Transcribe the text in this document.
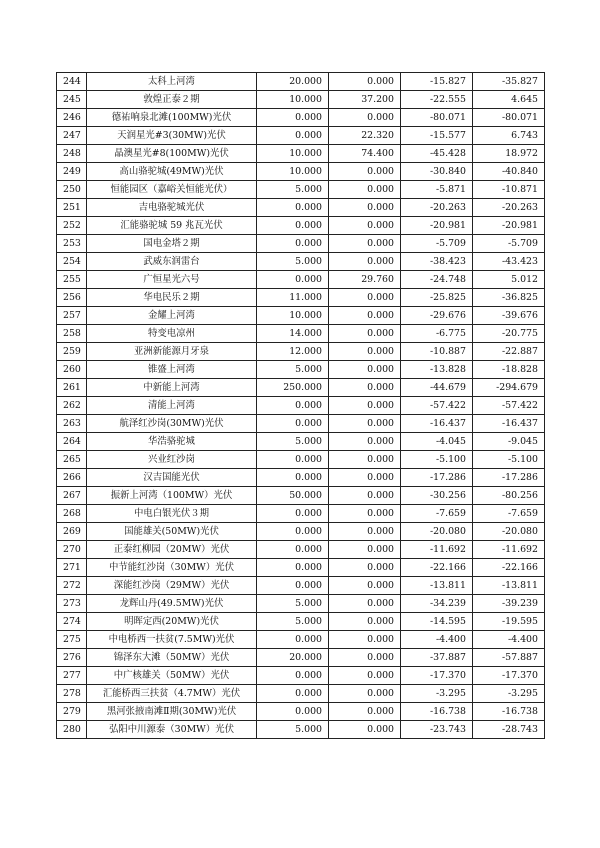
244	太科上河湾	20.000	0.000	-15.827	-35.827
245	敦煌正泰２期	10.000	37.200	-22.555	4.645
246	德祐响泉北滩(100MW)光伏	0.000	0.000	-80.071	-80.071
247	天润星光#3(30MW)光伏	0.000	22.320	-15.577	6.743
248	晶澳星光#8(100MW)光伏	10.000	74.400	-45.428	18.972
249	高山骆驼城(49MW)光伏	10.000	0.000	-30.840	-40.840
250	恒能园区（嘉峪关恒能光伏）	5.000	0.000	-5.871	-10.871
251	吉电骆驼城光伏	0.000	0.000	-20.263	-20.263
252	汇能骆驼城 59 兆瓦光伏	0.000	0.000	-20.981	-20.981
253	国电金塔２期	0.000	0.000	-5.709	-5.709
254	武威东润雷台	5.000	0.000	-38.423	-43.423
255	广恒星光六号	0.000	29.760	-24.748	5.012
256	华电民乐２期	11.000	0.000	-25.825	-36.825
257	金耀上河湾	10.000	0.000	-29.676	-39.676
258	特变电凉州	14.000	0.000	-6.775	-20.775
259	亚洲新能源月牙泉	12.000	0.000	-10.887	-22.887
260	锥盛上河湾	5.000	0.000	-13.828	-18.828
261	中新能上河湾	250.000	0.000	-44.679	-294.679
262	清能上河湾	0.000	0.000	-57.422	-57.422
263	航泽红沙岗(30MW)光伏	0.000	0.000	-16.437	-16.437
264	华浩骆驼城	5.000	0.000	-4.045	-9.045
265	兴业红沙岗	0.000	0.000	-5.100	-5.100
266	汉吉国能光伏	0.000	0.000	-17.286	-17.286
267	振新上河湾（100MW）光伏	50.000	0.000	-30.256	-80.256
268	中电白银光伏３期	0.000	0.000	-7.659	-7.659
269	国能雄关(50MW)光伏	0.000	0.000	-20.080	-20.080
270	正泰红柳园（20MW）光伏	0.000	0.000	-11.692	-11.692
271	中节能红沙岗（30MW）光伏	0.000	0.000	-22.166	-22.166
272	深能红沙岗（29MW）光伏	0.000	0.000	-13.811	-13.811
273	龙辉山丹(49.5MW)光伏	5.000	0.000	-34.239	-39.239
274	明晖定西(20MW)光伏	5.000	0.000	-14.595	-19.595
275	中电桥西一扶贫(7.5MW)光伏	0.000	0.000	-4.400	-4.400
276	锦泽东大滩（50MW）光伏	20.000	0.000	-37.887	-57.887
277	中广核雄关（50MW）光伏	0.000	0.000	-17.370	-17.370
278	汇能桥西三扶贫（4.7MW）光伏	0.000	0.000	-3.295	-3.295
279	黑河张掖南滩Ⅱ期(30MW)光伏	0.000	0.000	-16.738	-16.738
280	弘阳中川源泰（30MW）光伏	5.000	0.000	-23.743	-28.743
